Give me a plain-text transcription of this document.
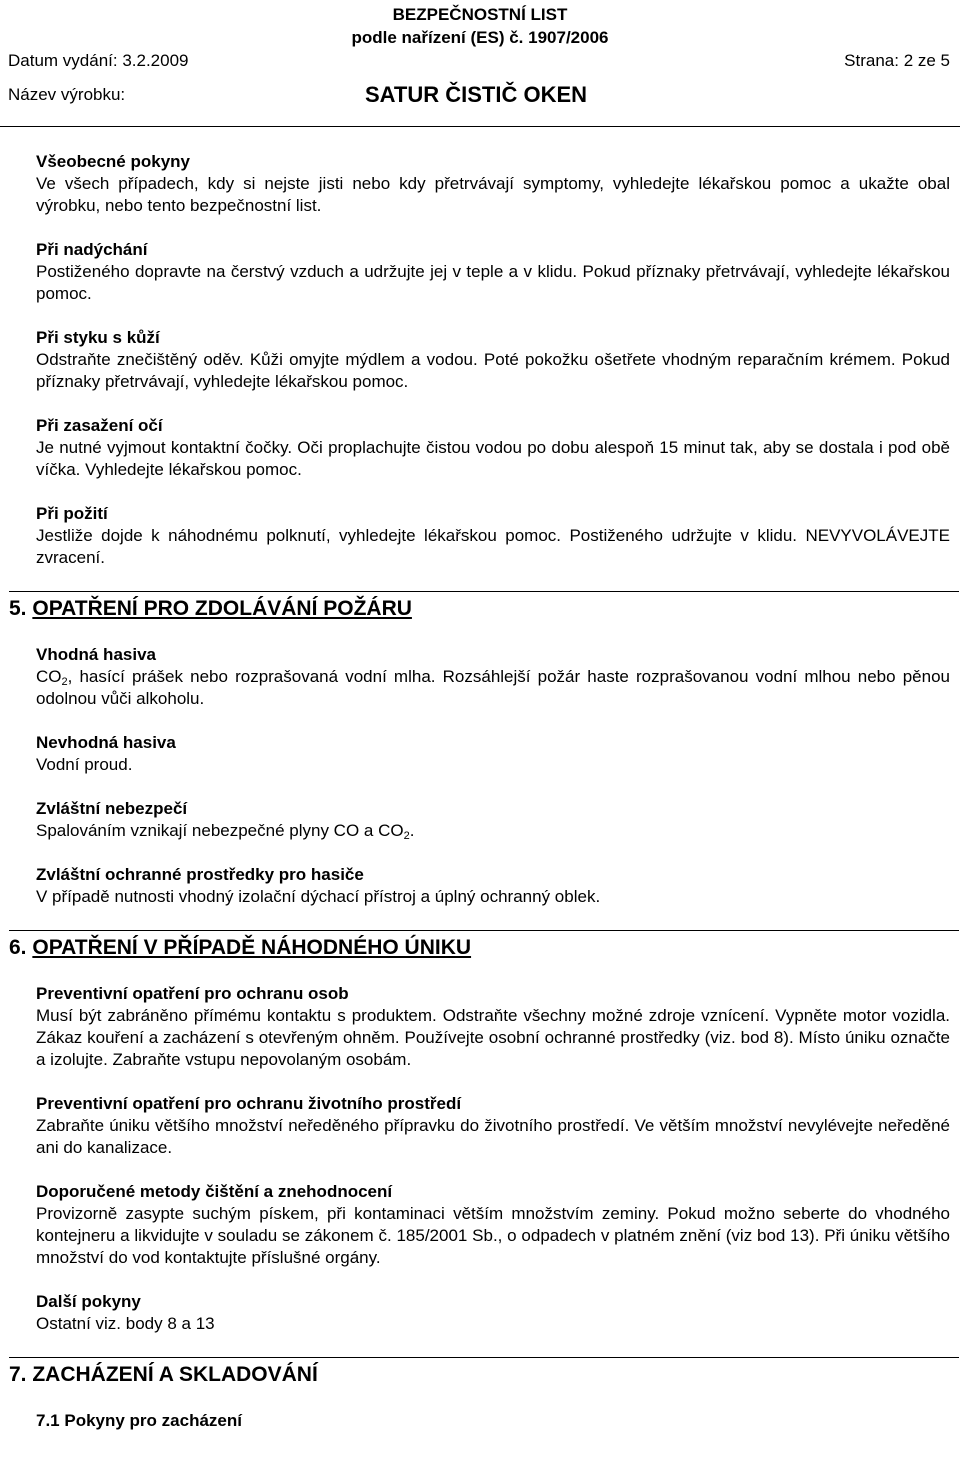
BEZPEČNOSTNÍ LIST
podle nařízení (ES) č. 1907/2006
Datum vydání: 3.2.2009	Strana: 2 ze 5
Název výrobku:	SATUR ČISTIČ OKEN
Všeobecné pokyny

Ve všech případech, kdy si nejste jisti nebo kdy přetrvávají symptomy, vyhledejte lékařskou pomoc a ukažte obal výrobku, nebo tento bezpečnostní list.

Při nadýchání

Postiženého dopravte na čerstvý vzduch a udržujte jej v teple a v klidu. Pokud příznaky přetrvávají, vyhledejte lékařskou pomoc.

Při styku s kůží

Odstraňte znečištěný oděv. Kůži omyjte mýdlem a vodou. Poté pokožku ošetřete vhodným reparačním krémem. Pokud příznaky přetrvávají, vyhledejte lékařskou pomoc.

Při zasažení očí

Je nutné vyjmout kontaktní čočky. Oči proplachujte čistou vodou po dobu alespoň 15 minut tak, aby se dostala i pod obě víčka. Vyhledejte lékařskou pomoc.

Při požití

Jestliže dojde k náhodnému polknutí, vyhledejte lékařskou pomoc. Postiženého udržujte v klidu. NEVYVOLÁVEJTE zvracení.

5. OPATŘENÍ PRO ZDOLÁVÁNÍ POŽÁRU
Vhodná hasiva

$CO_2$, hasící prášek nebo rozprašovaná vodní mlha. Rozsáhlejší požár haste rozprašovanou vodní mlhou nebo pěnou odolnou vůči alkoholu.

Nevhodná hasiva

Vodní proud.

Zvláštní nebezpečí

Spalováním vznikají nebezpečné plyny CO a $CO_2$.

Zvláštní ochranné prostředky pro hasiče

V případě nutnosti vhodný izolační dýchací přístroj a úplný ochranný oblek.

6. OPATŘENÍ V PŘÍPADĚ NÁHODNÉHO ÚNIKU
Preventivní opatření pro ochranu osob

Musí být zabráněno přímému kontaktu s produktem. Odstraňte všechny možné zdroje vznícení. Vypněte motor vozidla. Zákaz kouření a zacházení s otevřeným ohněm. Používejte osobní ochranné prostředky (viz. bod 8). Místo úniku označte a izolujte. Zabraňte vstupu nepovolaným osobám.

Preventivní opatření pro ochranu životního prostředí

Zabraňte úniku většího množství neředěného přípravku do životního prostředí. Ve větším množství nevylévejte neředěné ani do kanalizace.

Doporučené metody čištění a znehodnocení

Provizorně zasypte suchým pískem, při kontaminaci větším množstvím zeminy. Pokud možno seberte do vhodného kontejneru a likvidujte v souladu se zákonem č. 185/2001 Sb., o odpadech v platném znění (viz bod 13). Při úniku většího množství do vod kontaktujte příslušné orgány.

Další pokyny

Ostatní viz. body 8 a 13

7. ZACHÁZENÍ A SKLADOVÁNÍ
7.1 Pokyny pro zacházení
